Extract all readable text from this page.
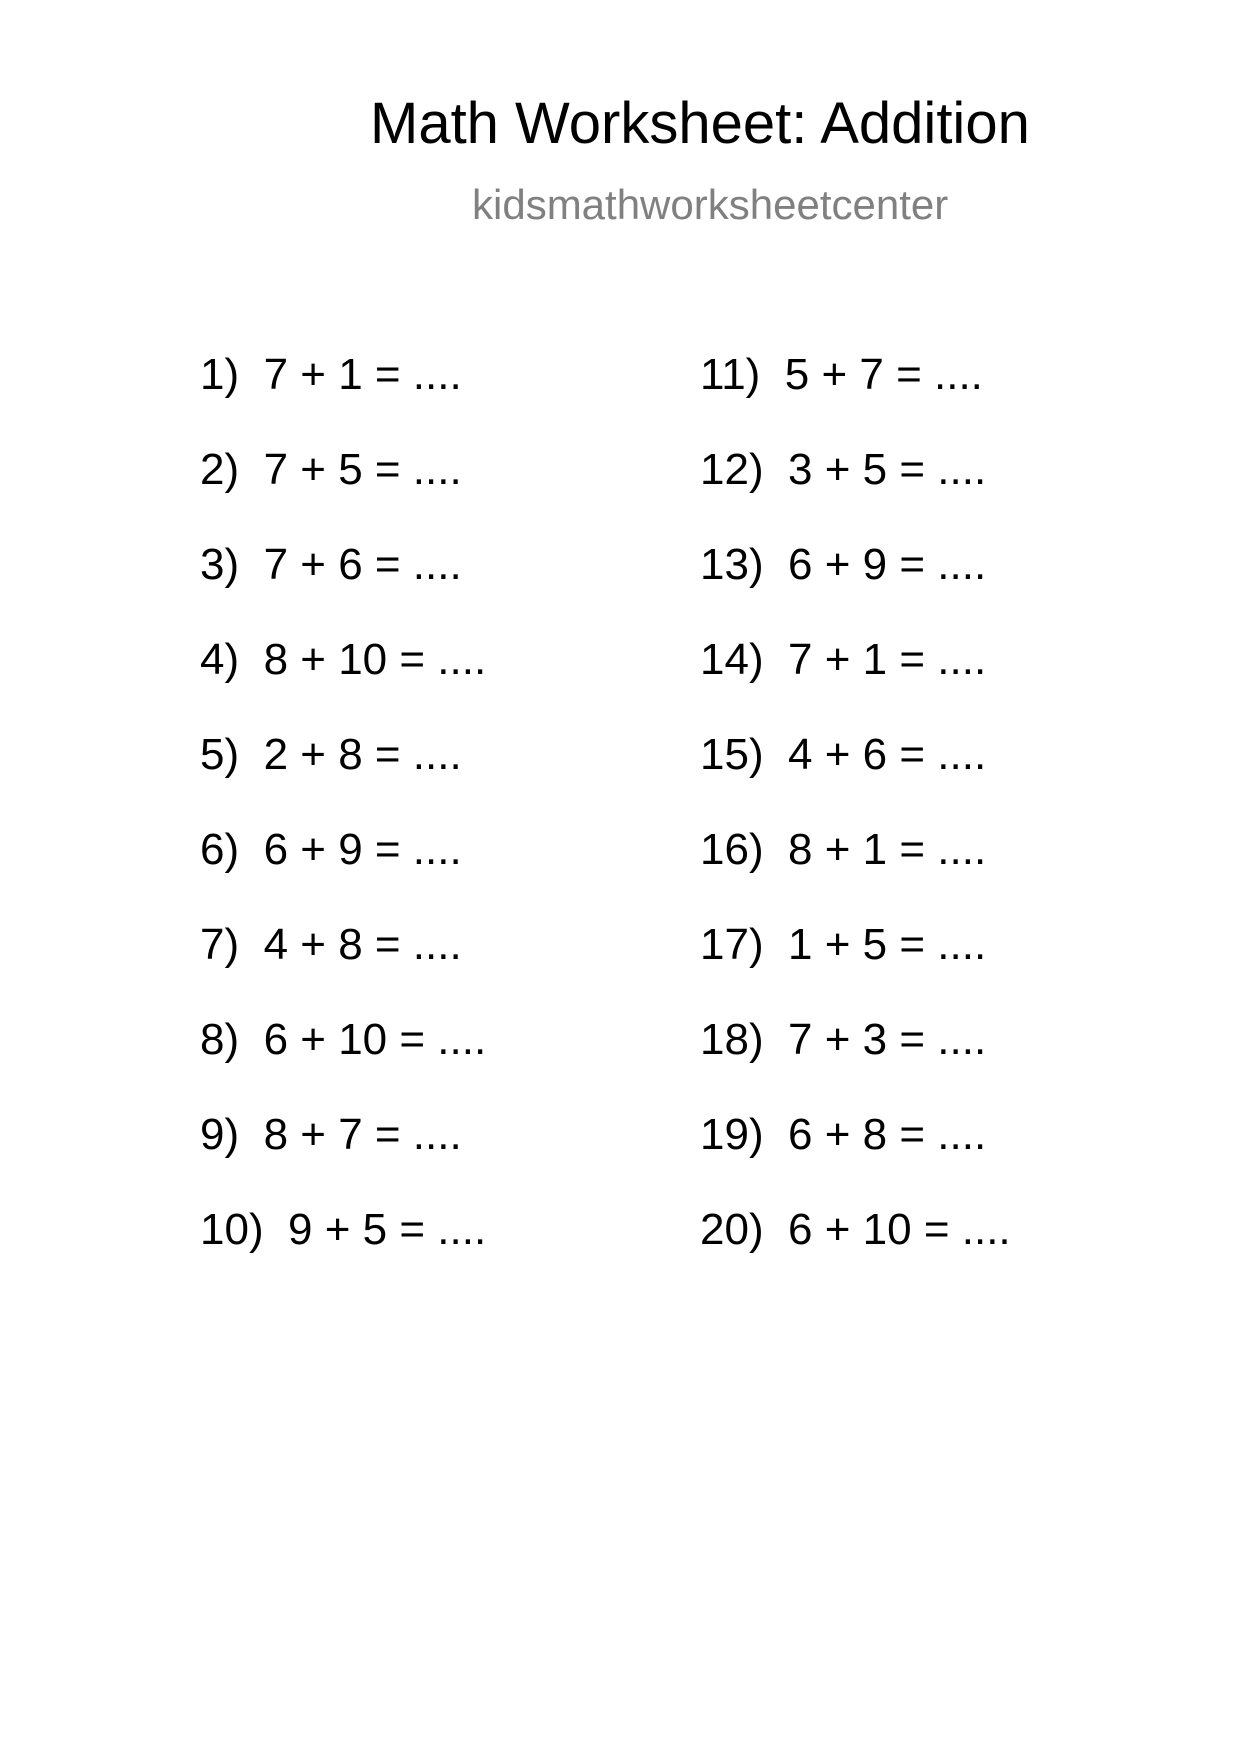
Math Worksheet: Addition
kidsmathworksheetcenter
1)  7 + 1 = ....
2)  7 + 5 = ....
3)  7 + 6 = ....
4)  8 + 10 = ....
5)  2 + 8 = ....
6)  6 + 9 = ....
7)  4 + 8 = ....
8)  6 + 10 = ....
9)  8 + 7 = ....
10)  9 + 5 = ....
11)  5 + 7 = ....
12)  3 + 5 = ....
13)  6 + 9 = ....
14)  7 + 1 = ....
15)  4 + 6 = ....
16)  8 + 1 = ....
17)  1 + 5 = ....
18)  7 + 3 = ....
19)  6 + 8 = ....
20)  6 + 10 = ....
